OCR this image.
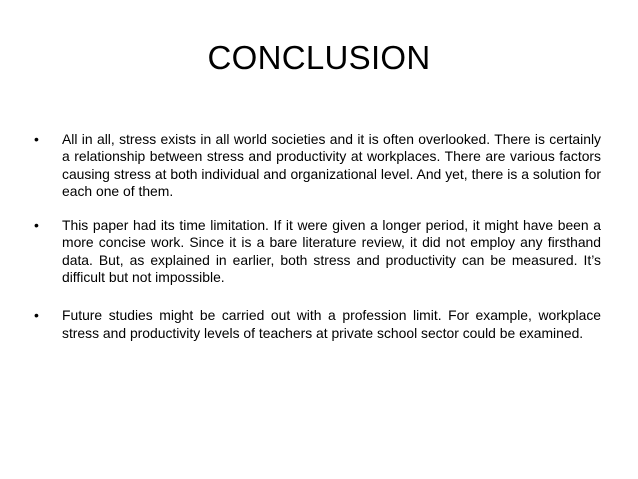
CONCLUSION
• All in all, stress exists in all world societies and it is often overlooked. There is certainly a relationship between stress and productivity at workplaces. There are various factors causing stress at both individual and organizational level. And yet, there is a solution for each one of them.
• This paper had its time limitation. If it were given a longer period, it might have been a more concise work. Since it is a bare literature review, it did not employ any firsthand data. But, as explained in earlier, both stress and productivity can be measured. It’s difficult but not impossible.
• Future studies might be carried out with a profession limit. For example, workplace stress and productivity levels of teachers at private school sector could be examined.
